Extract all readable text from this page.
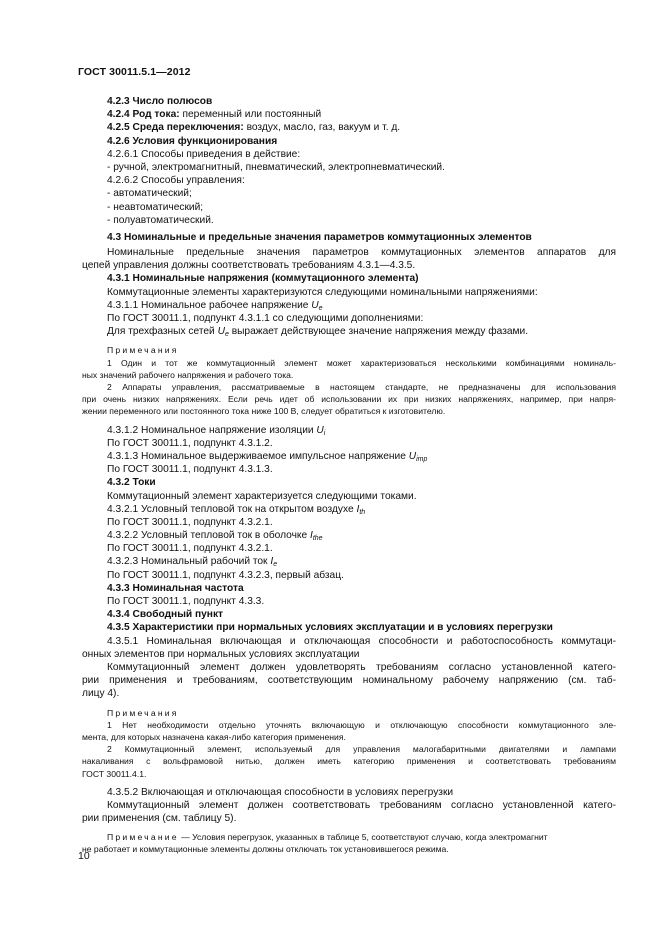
ГОСТ 30011.5.1—2012
4.2.3 Число полюсов
4.2.4 Род тока: переменный или постоянный
4.2.5 Среда переключения: воздух, масло, газ, вакуум и т. д.
4.2.6 Условия функционирования
4.2.6.1 Способы приведения в действие:
- ручной, электромагнитный, пневматический, электропневматический.
4.2.6.2 Способы управления:
- автоматический;
- неавтоматический;
- полуавтоматический.
4.3 Номинальные и предельные значения параметров коммутационных элементов
Номинальные предельные значения параметров коммутационных элементов аппаратов для
цепей управления должны соответствовать требованиям 4.3.1—4.3.5.
4.3.1 Номинальные напряжения (коммутационного элемента)
Коммутационные элементы характеризуются следующими номинальными напряжениями:
4.3.1.1 Номинальное рабочее напряжение $U_e$
По ГОСТ 30011.1, подпункт 4.3.1.1 со следующими дополнениями:
Для трехфазных сетей $U_e$ выражает действующее значение напряжения между фазами.
Примечания
1 Один и тот же коммутационный элемент может характеризоваться несколькими комбинациями номиналь-
ных значений рабочего напряжения и рабочего тока.
2 Аппараты управления, рассматриваемые в настоящем стандарте, не предназначены для использования
при очень низких напряжениях. Если речь идет об использовании их при низких напряжениях, например, при напря-
жении переменного или постоянного тока ниже 100 В, следует обратиться к изготовителю.
4.3.1.2 Номинальное напряжение изоляции $U_i$
По ГОСТ 30011.1, подпункт 4.3.1.2.
4.3.1.3 Номинальное выдерживаемое импульсное напряжение $U_{imp}$
По ГОСТ 30011.1, подпункт 4.3.1.3.
4.3.2 Токи
Коммутационный элемент характеризуется следующими токами.
4.3.2.1 Условный тепловой ток на открытом воздухе $I_{th}$
По ГОСТ 30011.1, подпункт 4.3.2.1.
4.3.2.2 Условный тепловой ток в оболочке $I_{the}$
По ГОСТ 30011.1, подпункт 4.3.2.1.
4.3.2.3 Номинальный рабочий ток $I_e$
По ГОСТ 30011.1, подпункт 4.3.2.3, первый абзац.
4.3.3 Номинальная частота
По ГОСТ 30011.1, подпункт 4.3.3.
4.3.4 Свободный пункт
4.3.5 Характеристики при нормальных условиях эксплуатации и в условиях перегрузки
4.3.5.1 Номинальная включающая и отключающая способности и работоспособность коммутаци-
онных элементов при нормальных условиях эксплуатации
Коммутационный элемент должен удовлетворять требованиям согласно установленной катего-
рии применения и требованиям, соответствующим номинальному рабочему напряжению (см. таб-
лицу 4).
Примечания
1 Нет необходимости отдельно уточнять включающую и отключающую способности коммутационного эле-
мента, для которых назначена какая-либо категория применения.
2 Коммутационный элемент, используемый для управления малогабаритными двигателями и лампами
накаливания с вольфрамовой нитью, должен иметь категорию применения и соответствовать требованиям
ГОСТ 30011.4.1.
4.3.5.2 Включающая и отключающая способности в условиях перегрузки
Коммутационный элемент должен соответствовать требованиям согласно установленной катего-
рии применения (см. таблицу 5).
Примечание — Условия перегрузок, указанных в таблице 5, соответствуют случаю, когда электромагнит
не работает и коммутационные элементы должны отключать ток установившегося режима.
10
